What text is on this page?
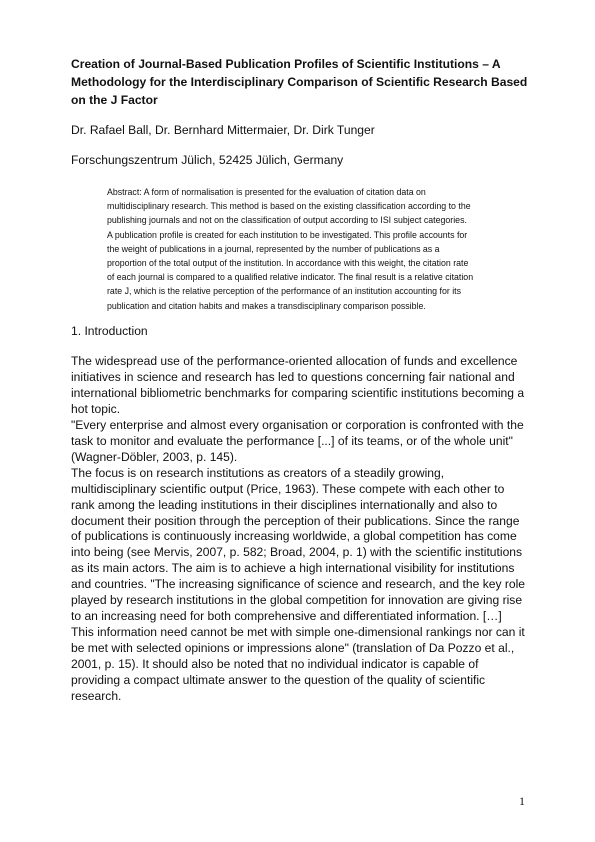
Creation of Journal-Based Publication Profiles of Scientific Institutions – A
Methodology for the Interdisciplinary Comparison of Scientific Research Based
on the J Factor
Dr. Rafael Ball, Dr. Bernhard Mittermaier, Dr. Dirk Tunger
Forschungszentrum Jülich, 52425 Jülich, Germany
Abstract: A form of normalisation is presented for the evaluation of citation data on
multidisciplinary research. This method is based on the existing classification according to the
publishing journals and not on the classification of output according to ISI subject categories.
A publication profile is created for each institution to be investigated. This profile accounts for
the weight of publications in a journal, represented by the number of publications as a
proportion of the total output of the institution. In accordance with this weight, the citation rate
of each journal is compared to a qualified relative indicator. The final result is a relative citation
rate J, which is the relative perception of the performance of an institution accounting for its
publication and citation habits and makes a transdisciplinary comparison possible.
1. Introduction
The widespread use of the performance-oriented allocation of funds and excellence
initiatives in science and research has led to questions concerning fair national and
international bibliometric benchmarks for comparing scientific institutions becoming a
hot topic.
"Every enterprise and almost every organisation or corporation is confronted with the
task to monitor and evaluate the performance [...] of its teams, or of the whole unit"
(Wagner-Döbler, 2003, p. 145).
The focus is on research institutions as creators of a steadily growing,
multidisciplinary scientific output (Price, 1963). These compete with each other to
rank among the leading institutions in their disciplines internationally and also to
document their position through the perception of their publications. Since the range
of publications is continuously increasing worldwide, a global competition has come
into being (see Mervis, 2007, p. 582; Broad, 2004, p. 1) with the scientific institutions
as its main actors. The aim is to achieve a high international visibility for institutions
and countries. "The increasing significance of science and research, and the key role
played by research institutions in the global competition for innovation are giving rise
to an increasing need for both comprehensive and differentiated information. […]
This information need cannot be met with simple one-dimensional rankings nor can it
be met with selected opinions or impressions alone" (translation of Da Pozzo et al.,
2001, p. 15). It should also be noted that no individual indicator is capable of
providing a compact ultimate answer to the question of the quality of scientific
research.
1
